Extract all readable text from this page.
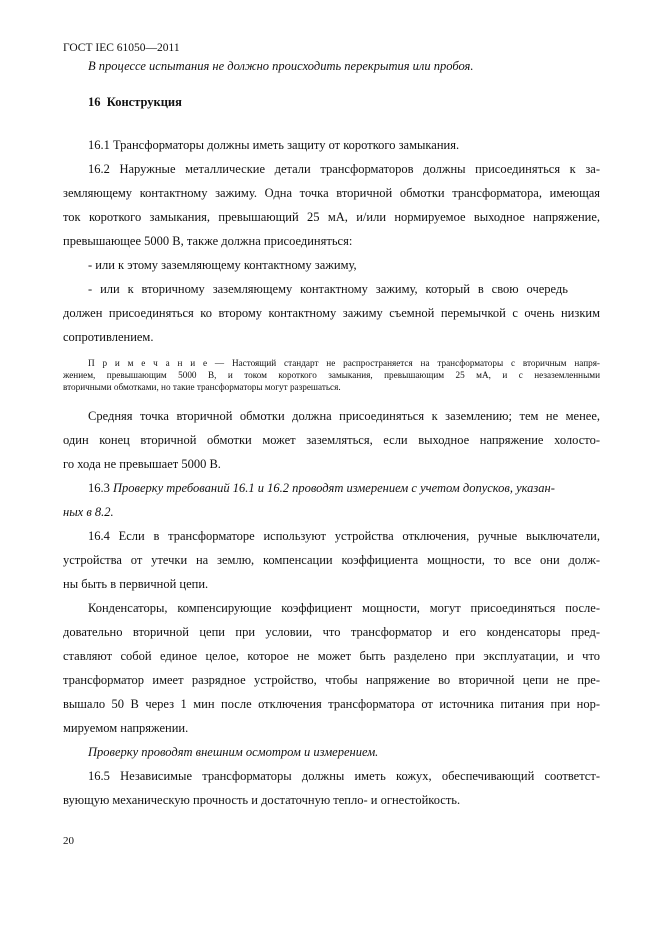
ГОСТ IEC 61050—2011
В процессе испытания не должно происходить перекрытия или пробоя.
16 Конструкция
16.1 Трансформаторы должны иметь защиту от короткого замыкания.
16.2 Наружные металлические детали трансформаторов должны присоединяться к за-
земляющему контактному зажиму. Одна точка вторичной обмотки трансформатора, имеющая
ток короткого замыкания, превышающий 25 мА, и/или нормируемое выходное напряжение,
превышающее 5000 В, также должна присоединяться:
- или к этому заземляющему контактному зажиму,
- или к вторичному заземляющему контактному зажиму, который в свою очередь
должен присоединяться ко второму контактному зажиму съемной перемычкой с очень низким
сопротивлением.
П р и м е ч а н и е — Настоящий стандарт не распространяется на трансформаторы с вторичным напря-
жением, превышающим 5000 В, и током короткого замыкания, превышающим 25 мА, и с незаземленными
вторичными обмотками, но такие трансформаторы могут разрешаться.
Средняя точка вторичной обмотки должна присоединяться к заземлению; тем не менее,
один конец вторичной обмотки может заземляться, если выходное напряжение холосто-
го хода не превышает 5000 В.
16.3 Проверку требований 16.1 и 16.2 проводят измерением с учетом допусков, указан-
ных в 8.2.
16.4 Если в трансформаторе используют устройства отключения, ручные выключатели,
устройства от утечки на землю, компенсации коэффициента мощности, то все они долж-
ны быть в первичной цепи.
Конденсаторы, компенсирующие коэффициент мощности, могут присоединяться после-
довательно вторичной цепи при условии, что трансформатор и его конденсаторы пред-
ставляют собой единое целое, которое не может быть разделено при эксплуатации, и что
трансформатор имеет разрядное устройство, чтобы напряжение во вторичной цепи не пре-
вышало 50 В через 1 мин после отключения трансформатора от источника питания при нор-
мируемом напряжении.
Проверку проводят внешним осмотром и измерением.
16.5 Независимые трансформаторы должны иметь кожух, обеспечивающий соответст-
вующую механическую прочность и достаточную тепло- и огнестойкость.
20
